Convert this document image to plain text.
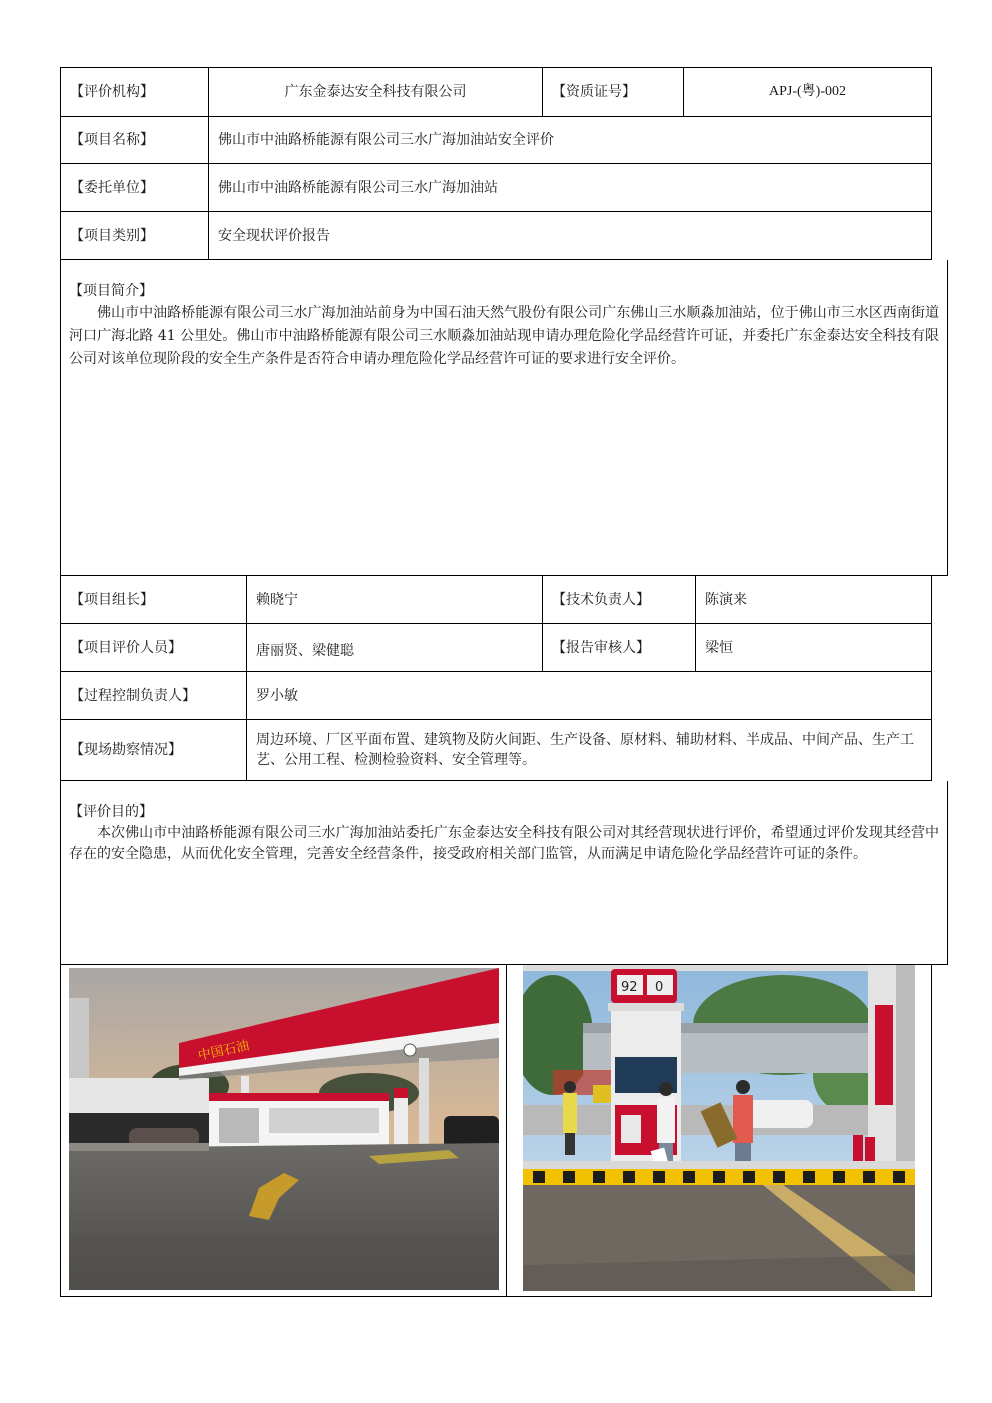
【评价机构】	广东金泰达安全科技有限公司	【资质证号】	APJ-(粤)-002
【项目名称】	佛山市中油路桥能源有限公司三水广海加油站安全评价
【委托单位】	佛山市中油路桥能源有限公司三水广海加油站
【项目类别】	安全现状评价报告
【项目简介】

佛山市中油路桥能源有限公司三水广海加油站前身为中国石油天然气股份有限公司广东佛山三水顺淼加油站，位于佛山市三水区西南街道河口广海北路 41 公里处。佛山市中油路桥能源有限公司三水顺淼加油站现申请办理危险化学品经营许可证，并委托广东金泰达安全科技有限公司对该单位现阶段的安全生产条件是否符合申请办理危险化学品经营许可证的要求进行安全评价。

【项目组长】	赖晓宁	【技术负责人】	陈演来
【项目评价人员】	唐丽贤、梁健聪	【报告审核人】	梁恒
【过程控制负责人】	罗小敏
【现场勘察情况】
周边环境、厂区平面布置、建筑物及防火间距、生产设备、原材料、辅助材料、半成品、中间产品、生产工艺、公用工程、检测检验资料、安全管理等。
【评价目的】

本次佛山市中油路桥能源有限公司三水广海加油站委托广东金泰达安全科技有限公司对其经营现状进行评价，希望通过评价发现其经营中存在的安全隐患，从而优化安全管理，完善安全经营条件，接受政府相关部门监管，从而满足申请危险化学品经营许可证的条件。

中国石油
92 0
